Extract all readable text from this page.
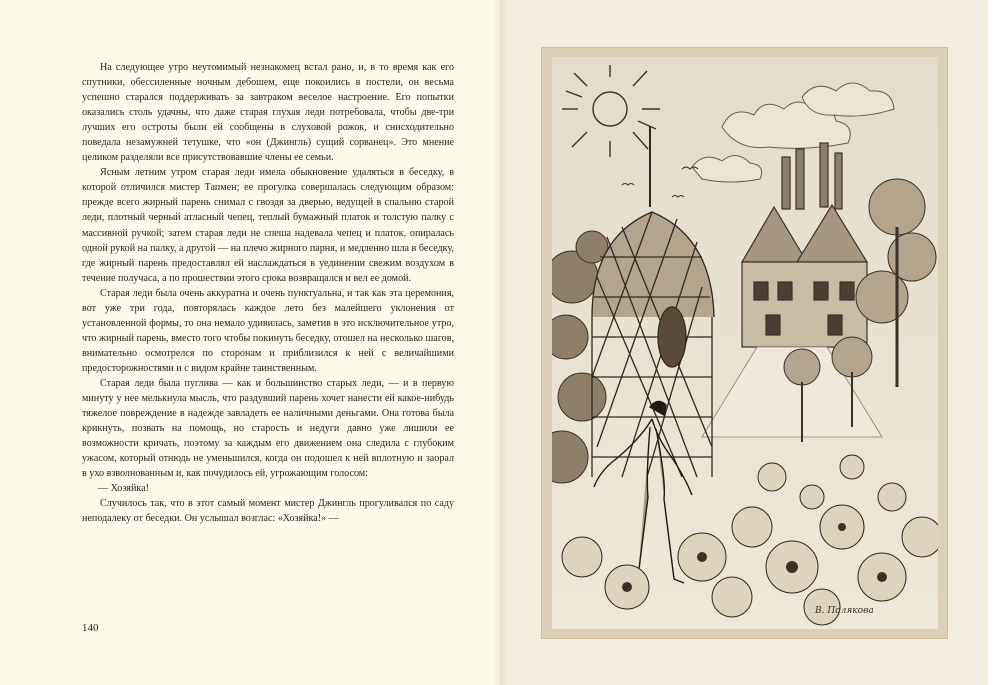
На следующее утро неутомимый незнакомец встал рано, и, в то время как его спутники, обессиленные ночным дебошем, еще покоились в постели, он весьма успешно старался поддерживать за завтраком веселое настроение. Его попытки оказались столь удачны, что даже старая глухая леди потребовала, чтобы две-три лучших его остроты были ей сообщены в слуховой рожок, и снисходительно поведала незамужней тетушке, что «он (Джингль) сущий сорванец». Это мнение целиком разделяли все присутствовавшие члены ее семьи.

Ясным летним утром старая леди имела обыкновение удаляться в беседку, в которой отличился мистер Тапмен; ее прогулка совершалась следующим образом: прежде всего жирный парень снимал с гвоздя за дверью, ведущей в спальню старой леди, плотный черный атласный чепец, теплый бумажный платок и толстую палку с массивной ручкой; затем старая леди не спеша надевала чепец и платок, опиралась одной рукой на палку, а другой — на плечо жирного парня, и медленно шла в беседку, где жирный парень предоставлял ей наслаждаться в уединении свежим воздухом в течение получаса, а по прошествии этого срока возвращался и вел ее домой.

Старая леди была очень аккуратна и очень пунктуальна, и так как эта церемония, вот уже три года, повторялась каждое лето без малейшего уклонения от установленной формы, то она немало удивилась, заметив в это исключительное утро, что жирный парень, вместо того чтобы покинуть беседку, отошел на несколько шагов, внимательно осмотрелся по сторонам и приблизился к ней с величайшими предосторожностями и с видом крайне таинственным.

Старая леди была пуглива — как и большинство старых леди, — и в первую минуту у нее мелькнула мысль, что раздувший парень хочет нанести ей какое-нибудь тяжелое повреждение в надежде завладеть ее наличными деньгами. Она готова была крикнуть, позвать на помощь, но старость и недуги давно уже лишили ее возможности кричать, поэтому за каждым его движением она следила с глубоким ужасом, который отнюдь не уменьшился, когда он подошел к ней вплотную и заорал в ухо взволнованным и, как почудилось ей, угрожающим голосом:

— Хозяйка!

Случилось так, что в этот самый момент мистер Джингль прогуливался по саду неподалеку от беседки. Он услышал возглас: «Хозяйка!» —

140
В. Полякова
